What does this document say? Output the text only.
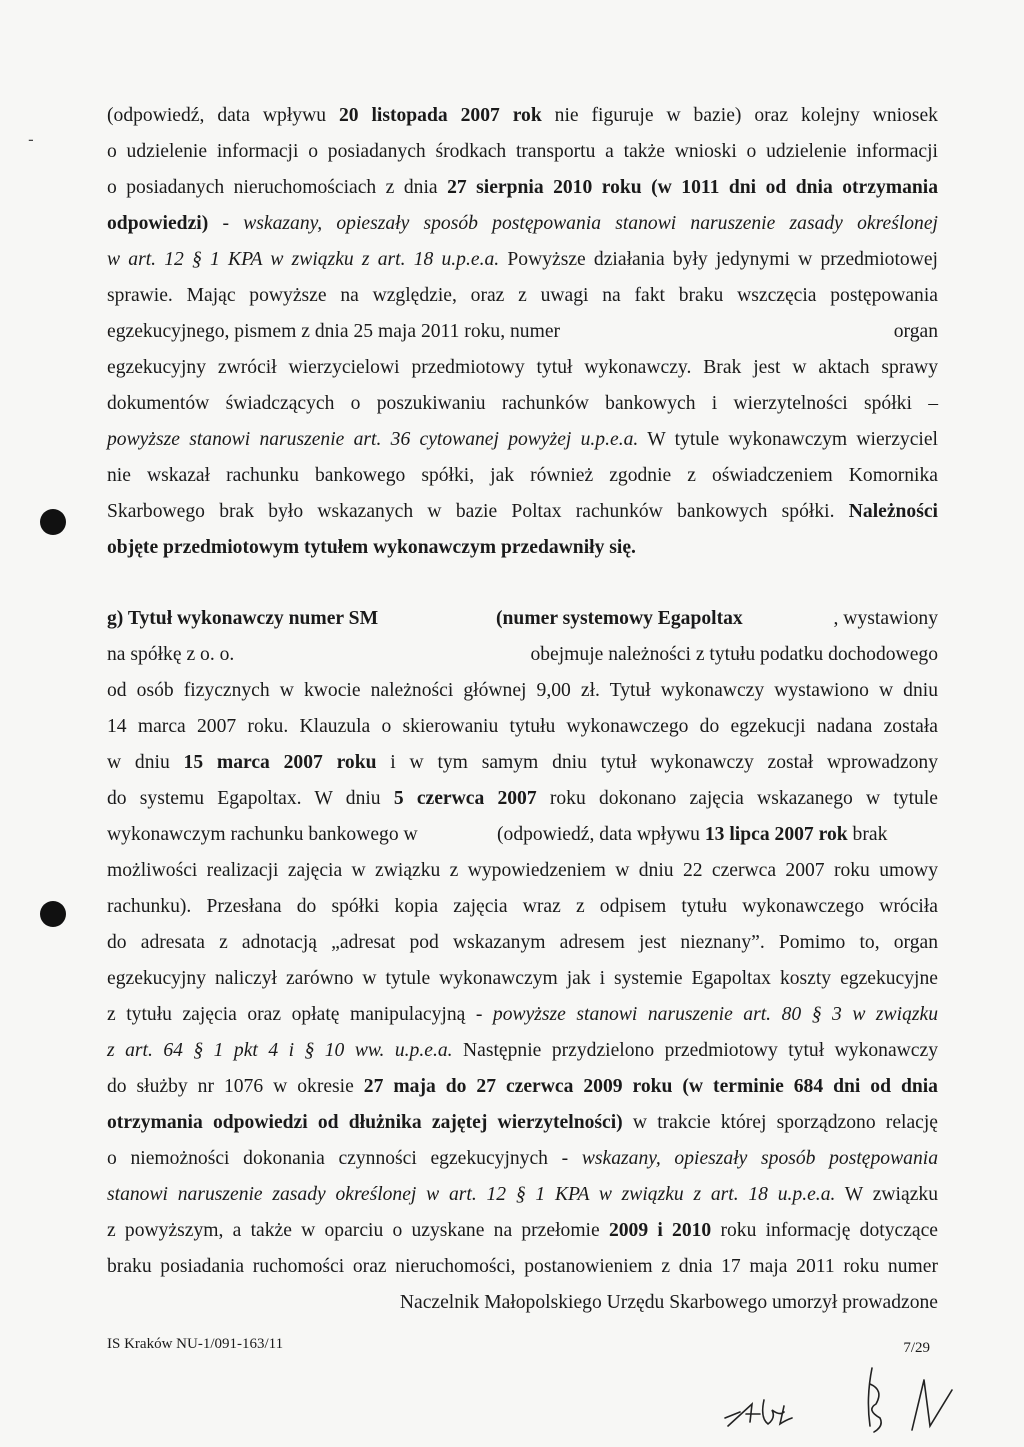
(odpowiedź, data wpływu 20 listopada 2007 rok nie figuruje w bazie) oraz kolejny wniosek
o udzielenie informacji o posiadanych środkach transportu a także wnioski o udzielenie informacji
o posiadanych nieruchomościach z dnia 27 sierpnia 2010 roku (w 1011 dni od dnia otrzymania
odpowiedzi) - wskazany, opieszały sposób postępowania stanowi naruszenie zasady określonej
w art. 12 § 1 KPA w związku z art. 18 u.p.e.a. Powyższe działania były jedynymi w przedmiotowej
sprawie. Mając powyższe na względzie, oraz z uwagi na fakt braku wszczęcia postępowania
egzekucyjnego, pismem z dnia 25 maja 2011 roku, numer	organ
egzekucyjny zwrócił wierzycielowi przedmiotowy tytuł wykonawczy. Brak jest w aktach sprawy
dokumentów świadczących o poszukiwaniu rachunków bankowych i wierzytelności spółki –
powyższe stanowi naruszenie art. 36 cytowanej powyżej u.p.e.a. W tytule wykonawczym wierzyciel
nie wskazał rachunku bankowego spółki, jak również zgodnie z oświadczeniem Komornika
Skarbowego brak było wskazanych w bazie Poltax rachunków bankowych spółki. Należności
objęte przedmiotowym tytułem wykonawczym przedawniły się.
g) Tytuł wykonawczy numer SM	(numer systemowy Egapoltax	, wystawiony
na spółkę z o. o.	obejmuje należności z tytułu podatku dochodowego
od osób fizycznych w kwocie należności głównej 9,00 zł. Tytuł wykonawczy wystawiono w dniu
14 marca 2007 roku. Klauzula o skierowaniu tytułu wykonawczego do egzekucji nadana została
w dniu 15 marca 2007 roku i w tym samym dniu tytuł wykonawczy został wprowadzony
do systemu Egapoltax. W dniu 5 czerwca 2007 roku dokonano zajęcia wskazanego w tytule
wykonawczym rachunku bankowego w	(odpowiedź, data wpływu 13 lipca 2007 rok brak
możliwości realizacji zajęcia w związku z wypowiedzeniem w dniu 22 czerwca 2007 roku umowy
rachunku). Przesłana do spółki kopia zajęcia wraz z odpisem tytułu wykonawczego wróciła
do adresata z adnotacją „adresat pod wskazanym adresem jest nieznany”. Pomimo to, organ
egzekucyjny naliczył zarówno w tytule wykonawczym jak i systemie Egapoltax koszty egzekucyjne
z tytułu zajęcia oraz opłatę manipulacyjną - powyższe stanowi naruszenie art. 80 § 3 w związku
z art. 64 § 1 pkt 4 i § 10 ww. u.p.e.a. Następnie przydzielono przedmiotowy tytuł wykonawczy
do służby nr 1076 w okresie 27 maja do 27 czerwca 2009 roku (w terminie 684 dni od dnia
otrzymania odpowiedzi od dłużnika zajętej wierzytelności) w trakcie której sporządzono relację
o niemożności dokonania czynności egzekucyjnych - wskazany, opieszały sposób postępowania
stanowi naruszenie zasady określonej w art. 12 § 1 KPA w związku z art. 18 u.p.e.a. W związku
z powyższym, a także w oparciu o uzyskane na przełomie 2009 i 2010 roku informację dotyczące
braku posiadania ruchomości oraz nieruchomości, postanowieniem z dnia 17 maja 2011 roku numer
Naczelnik Małopolskiego Urzędu Skarbowego umorzył prowadzone
IS Kraków NU-1/091-163/11	7/29
-
